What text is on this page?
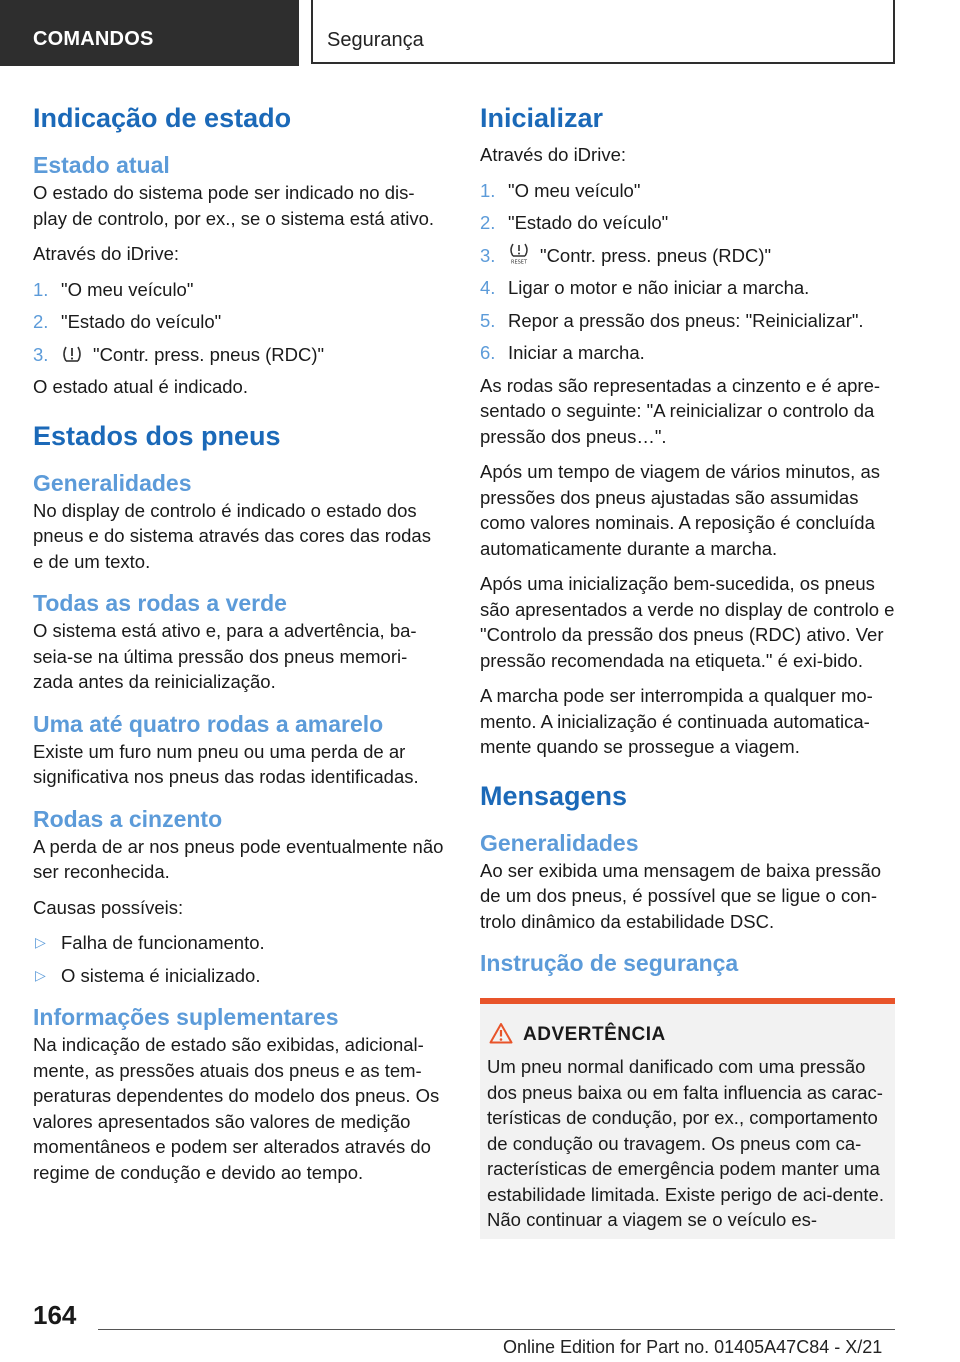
COMANDOS	Segurança
Indicação de estado
Estado atual

O estado do sistema pode ser indicado no dis-play de controlo, por ex., se o sistema está ativo.

Através do iDrive:

1. "O meu veículo"
2. "Estado do veículo"
3. "Contr. press. pneus (RDC)"

O estado atual é indicado.

Estados dos pneus
Generalidades

No display de controlo é indicado o estado dos pneus e do sistema através das cores das rodas e de um texto.

Todas as rodas a verde

O sistema está ativo e, para a advertência, ba-seia-se na última pressão dos pneus memori-zada antes da reinicialização.

Uma até quatro rodas a amarelo

Existe um furo num pneu ou uma perda de ar significativa nos pneus das rodas identificadas.

Rodas a cinzento

A perda de ar nos pneus pode eventualmente não ser reconhecida.

Causas possíveis:

▷ Falha de funcionamento.
▷ O sistema é inicializado.
Informações suplementares

Na indicação de estado são exibidas, adicional-mente, as pressões atuais dos pneus e as tem-peraturas dependentes do modelo dos pneus. Os valores apresentados são valores de medição momentâneos e podem ser alterados através do regime de condução e devido ao tempo.

Inicializar

Através do iDrive:

1. "O meu veículo"
2. "Estado do veículo"
3.	RESET "Contr. press. pneus (RDC)"
4. Ligar o motor e não iniciar a marcha.
5. Repor a pressão dos pneus: "Reinicializar".
6. Iniciar a marcha.

As rodas são representadas a cinzento e é apre-sentado o seguinte: "A reinicializar o controlo da pressão dos pneus…".

Após um tempo de viagem de vários minutos, as pressões dos pneus ajustadas são assumidas como valores nominais. A reposição é concluída automaticamente durante a marcha.

Após uma inicialização bem-sucedida, os pneus são apresentados a verde no display de controlo e "Controlo da pressão dos pneus (RDC) ativo. Ver pressão recomendada na etiqueta." é exi-bido.

A marcha pode ser interrompida a qualquer mo-mento. A inicialização é continuada automatica-mente quando se prossegue a viagem.

Mensagens
Generalidades

Ao ser exibida uma mensagem de baixa pressão de um dos pneus, é possível que se ligue o con-trolo dinâmico da estabilidade DSC.

Instrução de segurança
ADVERTÊNCIA

Um pneu normal danificado com uma pressão dos pneus baixa ou em falta influencia as carac-terísticas de condução, por ex., comportamento de condução ou travagem. Os pneus com ca-racterísticas de emergência podem manter uma estabilidade limitada. Existe perigo de aci-dente. Não continuar a viagem se o veículo es-

164
Online Edition for Part no. 01405A47C84 - X/21
